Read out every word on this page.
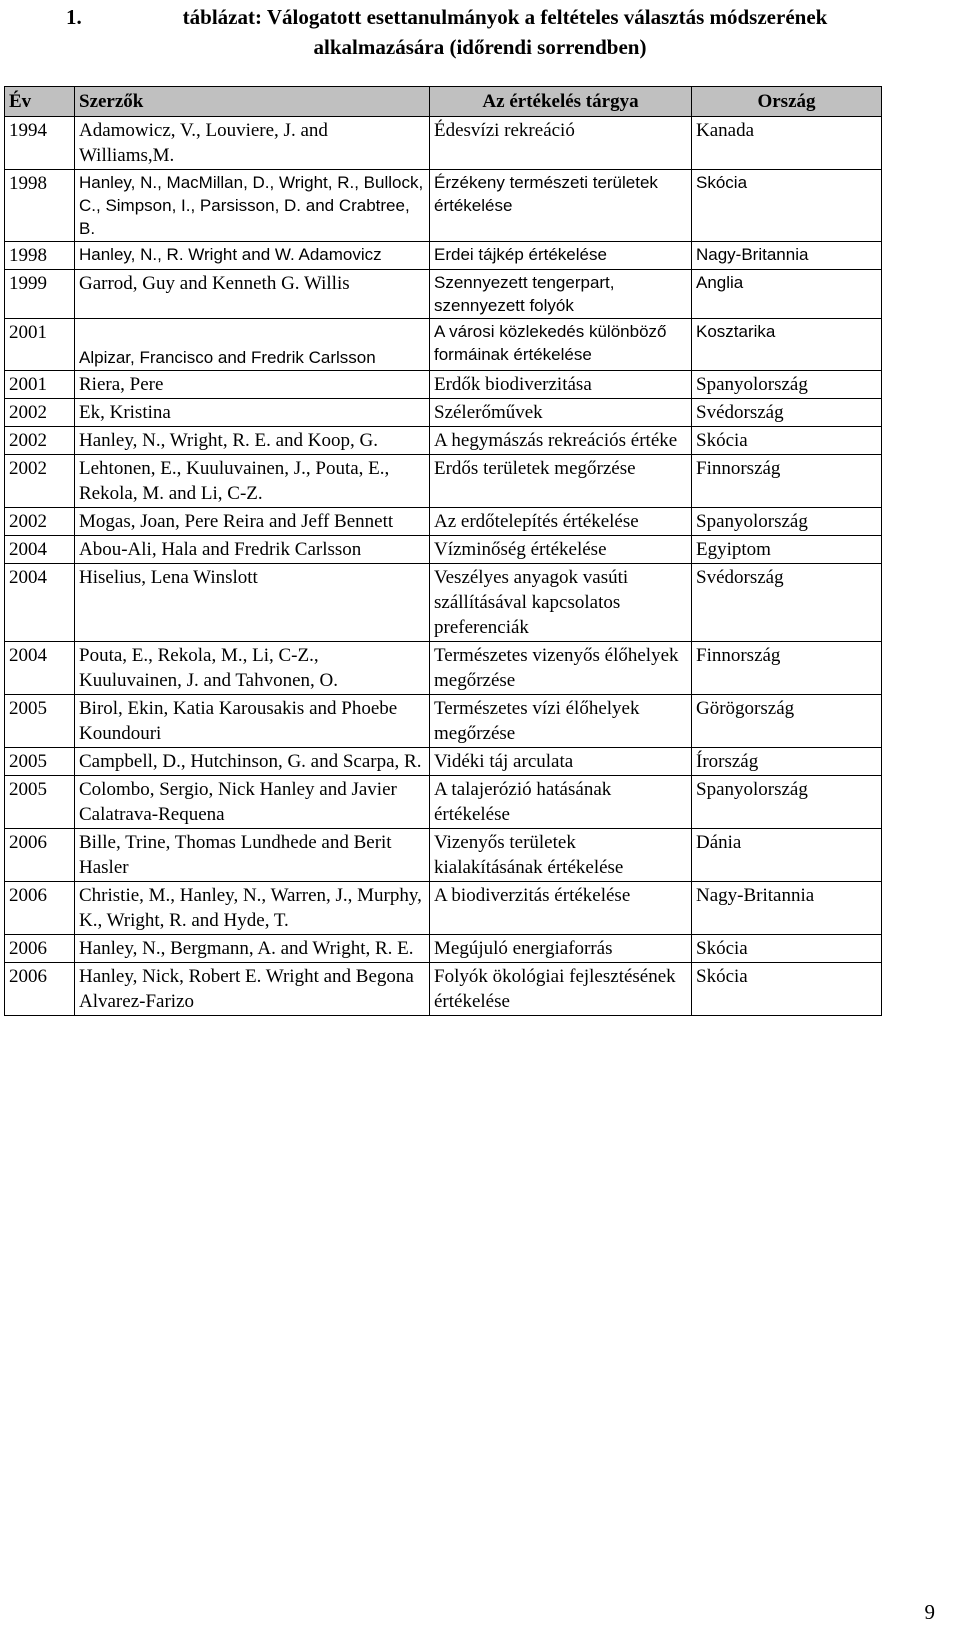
1.	táblázat: Válogatott esettanulmányok a feltételes választás módszerének
alkalmazására (időrendi sorrendben)
Év	Szerzők	Az értékelés tárgya	Ország
1994	Adamowicz, V., Louviere, J. and Williams,M.	Édesvízi rekreáció	Kanada
1998	Hanley, N., MacMillan, D., Wright, R., Bullock, C., Simpson, I., Parsisson, D. and Crabtree, B.	Érzékeny természeti területek értékelése	Skócia
1998	Hanley, N., R. Wright and W. Adamovicz	Erdei tájkép értékelése	Nagy-Britannia
1999	Garrod, Guy and Kenneth G. Willis	Szennyezett tengerpart, szennyezett folyók	Anglia
2001	Alpizar, Francisco and Fredrik Carlsson	A városi közlekedés különböző formáinak értékelése	Kosztarika
2001	Riera, Pere	Erdők biodiverzitása	Spanyolország
2002	Ek, Kristina	Szélerőművek	Svédország
2002	Hanley, N., Wright, R. E. and Koop, G.	A hegymászás rekreációs értéke	Skócia
2002	Lehtonen, E., Kuuluvainen, J., Pouta, E., Rekola, M. and Li, C-Z.	Erdős területek megőrzése	Finnország
2002	Mogas, Joan, Pere Reira and Jeff Bennett	Az erdőtelepítés értékelése	Spanyolország
2004	Abou-Ali, Hala and Fredrik Carlsson	Vízminőség értékelése	Egyiptom
2004	Hiselius, Lena Winslott	Veszélyes anyagok vasúti szállításával kapcsolatos preferenciák	Svédország
2004	Pouta, E., Rekola, M., Li, C-Z., Kuuluvainen, J. and Tahvonen, O.	Természetes vizenyős élőhelyek megőrzése	Finnország
2005	Birol, Ekin, Katia Karousakis and Phoebe Koundouri	Természetes vízi élőhelyek megőrzése	Görögország
2005	Campbell, D., Hutchinson, G. and Scarpa, R.	Vidéki táj arculata	Írország
2005	Colombo, Sergio, Nick Hanley and Javier Calatrava-Requena	A talajerózió hatásának értékelése	Spanyolország
2006	Bille, Trine, Thomas Lundhede and Berit Hasler	Vizenyős területek kialakításának értékelése	Dánia
2006	Christie, M., Hanley, N., Warren, J., Murphy, K., Wright, R. and Hyde, T.	A biodiverzitás értékelése	Nagy-Britannia
2006	Hanley, N., Bergmann, A. and Wright, R. E.	Megújuló energiaforrás	Skócia
2006	Hanley, Nick, Robert E. Wright and Begona Alvarez-Farizo	Folyók ökológiai fejlesztésének értékelése	Skócia
9
